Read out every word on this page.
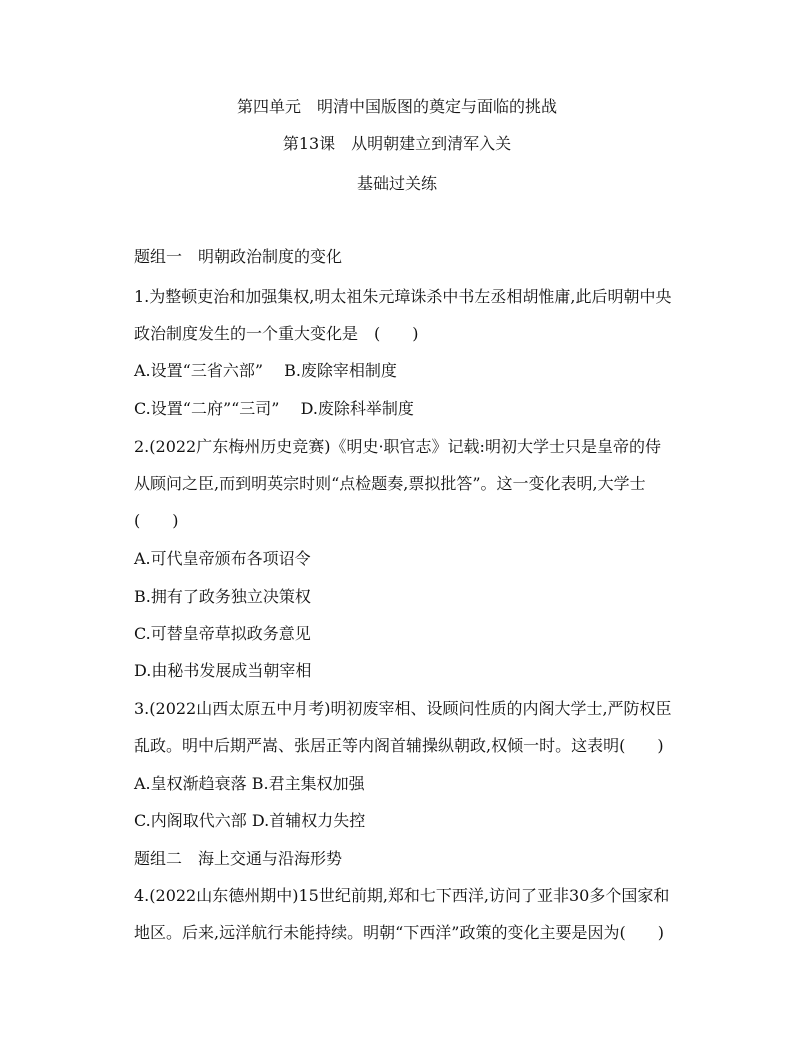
第四单元　明清中国版图的奠定与面临的挑战
第13课　从明朝建立到清军入关
基础过关练
题组一　明朝政治制度的变化
1.为整顿吏治和加强集权,明太祖朱元璋诛杀中书左丞相胡惟庸,此后明朝中央
政治制度发生的一个重大变化是　(　　)
A.设置“三省六部”　 B.废除宰相制度
C.设置“二府”“三司”　 D.废除科举制度
2.(2022广东梅州历史竞赛)《明史·职官志》记载:明初大学士只是皇帝的侍
从顾问之臣,而到明英宗时则“点检题奏,票拟批答”。这一变化表明,大学士
(　　)
A.可代皇帝颁布各项诏令
B.拥有了政务独立决策权
C.可替皇帝草拟政务意见
D.由秘书发展成当朝宰相
3.(2022山西太原五中月考)明初废宰相、设顾问性质的内阁大学士,严防权臣
乱政。明中后期严嵩、张居正等内阁首辅操纵朝政,权倾一时。这表明(　　)
A.皇权渐趋衰落 B.君主集权加强
C.内阁取代六部 D.首辅权力失控
题组二　海上交通与沿海形势
4.(2022山东德州期中)15世纪前期,郑和七下西洋,访问了亚非30多个国家和
地区。后来,远洋航行未能持续。明朝“下西洋”政策的变化主要是因为(　　)
